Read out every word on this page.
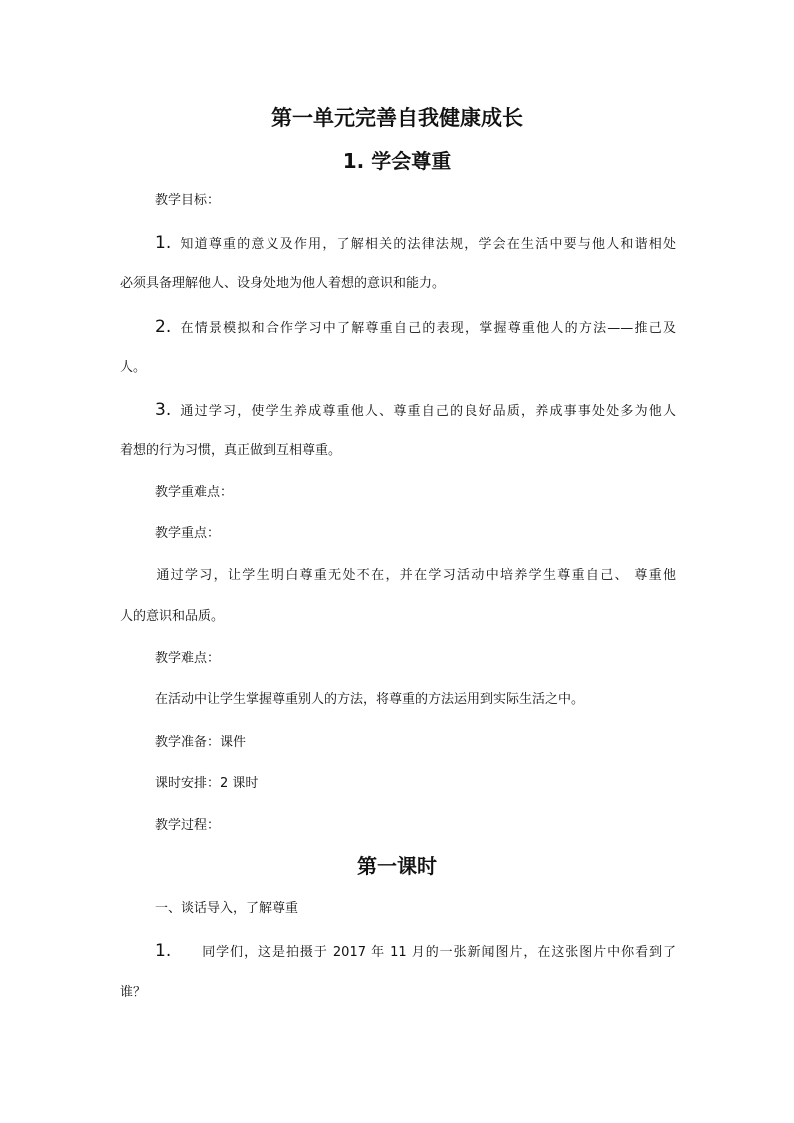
第一单元完善自我健康成长
1. 学会尊重
教学目标：
1. 知道尊重的意义及作用，了解相关的法律法规，学会在生活中要与他人和谐相处
必须具备理解他人、设身处地为他人着想的意识和能力。
2. 在情景模拟和合作学习中了解尊重自己的表现，掌握尊重他人的方法——推己及
人。
3. 通过学习，使学生养成尊重他人、尊重自己的良好品质，养成事事处处多为他人
着想的行为习惯，真正做到互相尊重。
教学重难点：
教学重点：
通过学习，让学生明白尊重无处不在，并在学习活动中培养学生尊重自己、 尊重他
人的意识和品质。
教学难点：
在活动中让学生掌握尊重别人的方法，将尊重的方法运用到实际生活之中。
教学准备：课件
课时安排：2 课时
教学过程：
第一课时
一、谈话导入，了解尊重
1. 同学们，这是拍摄于 2017 年 11 月的一张新闻图片，在这张图片中你看到了
谁？
